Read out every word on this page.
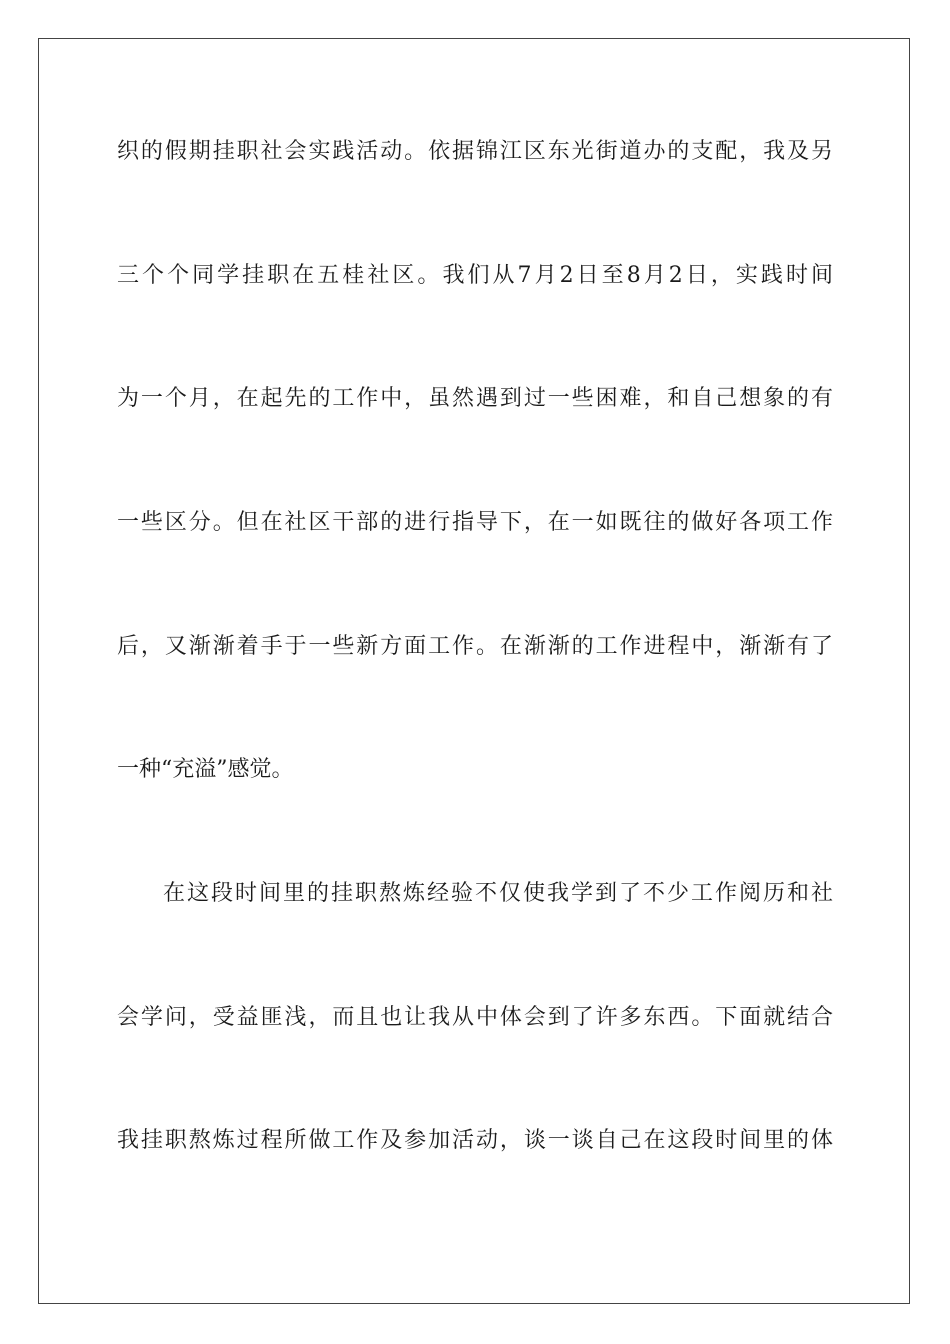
织的假期挂职社会实践活动。依据锦江区东光街道办的支配，我及另
三个个同学挂职在五桂社区。我们从7月2日至8月2日，实践时间
为一个月，在起先的工作中，虽然遇到过一些困难，和自己想象的有
一些区分。但在社区干部的进行指导下，在一如既往的做好各项工作
后，又渐渐着手于一些新方面工作。在渐渐的工作进程中，渐渐有了
一种“充溢”感觉。
在这段时间里的挂职熬炼经验不仅使我学到了不少工作阅历和社
会学问，受益匪浅，而且也让我从中体会到了许多东西。下面就结合
我挂职熬炼过程所做工作及参加活动，谈一谈自己在这段时间里的体
